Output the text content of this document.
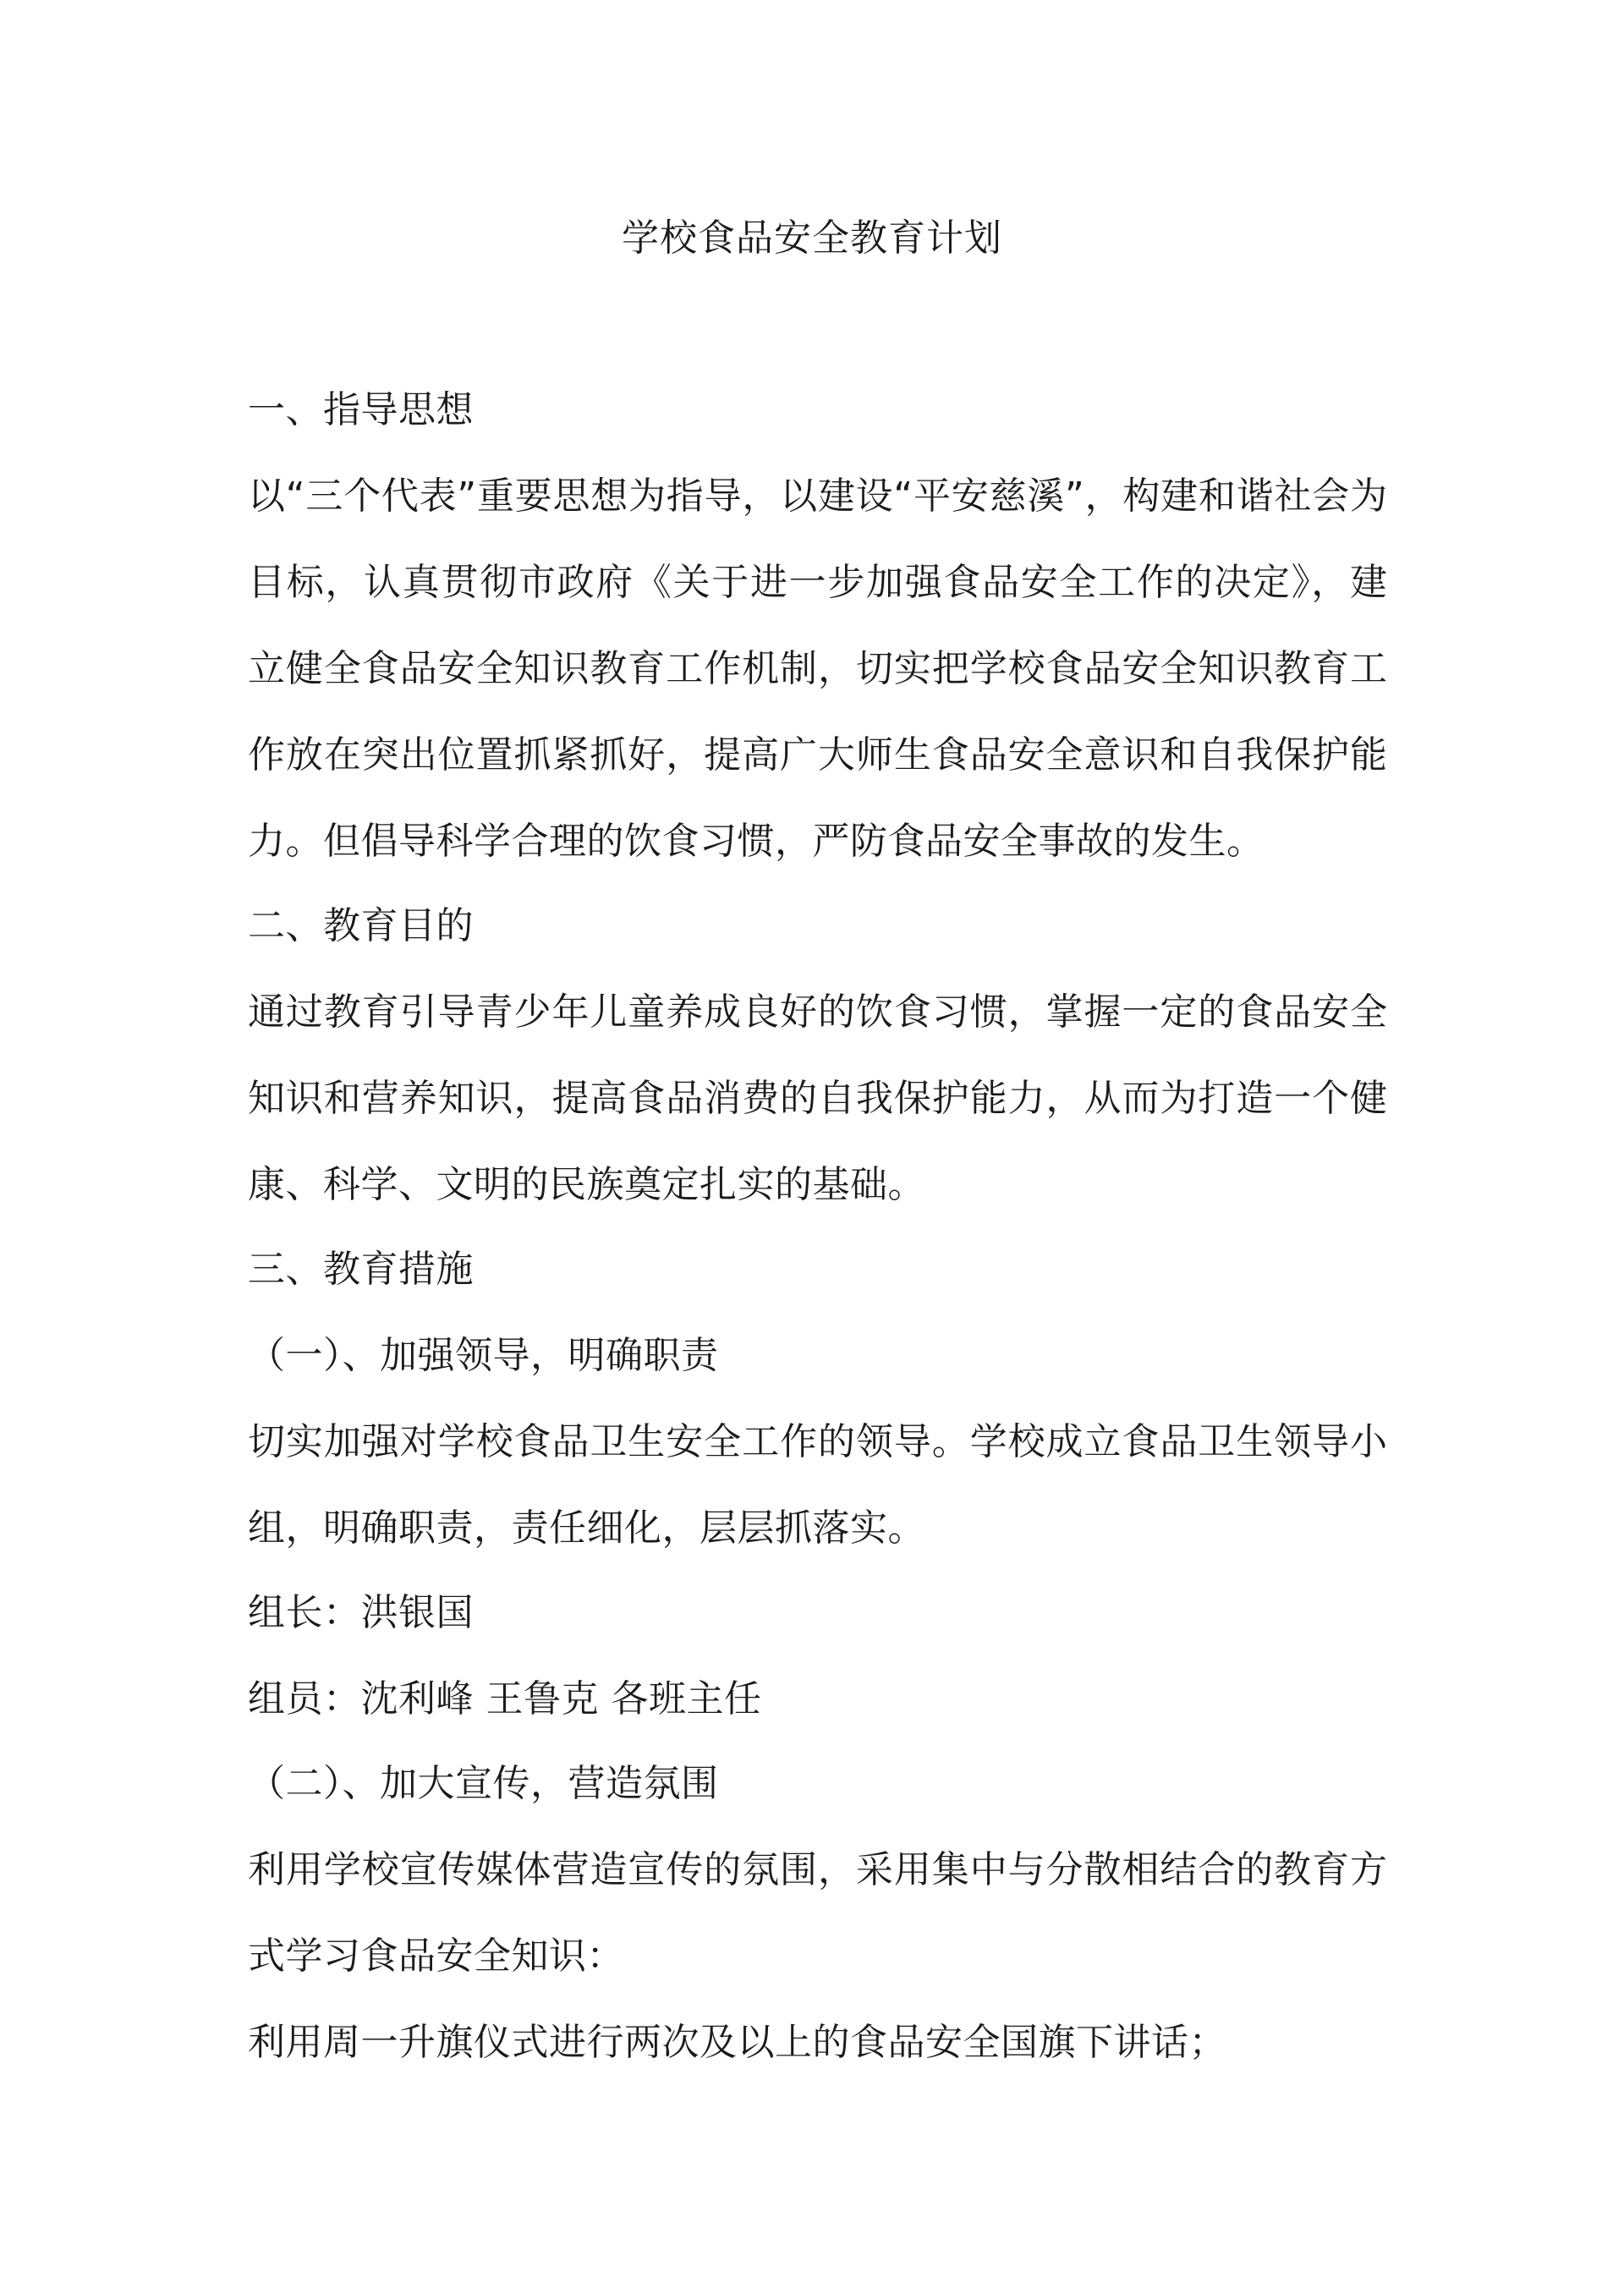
学校食品安全教育计划
一、指导思想
以“三个代表”重要思想为指导，以建设“平安慈溪”，构建和谐社会为
目标，认真贯彻市政府《关于进一步加强食品安全工作的决定》，建
立健全食品安全知识教育工作机制，切实把学校食品安全知识教育工
作放在突出位置抓紧抓好，提高广大师生食品安全意识和自我保护能
力。但倡导科学合理的饮食习惯，严防食品安全事故的发生。
二、教育目的
通过教育引导青少年儿童养成良好的饮食习惯，掌握一定的食品安全
知识和营养知识，提高食品消费的自我保护能力，从而为打造一个健
康、科学、文明的民族奠定扎实的基础。
三、教育措施
（一）、加强领导，明确职责
切实加强对学校食品卫生安全工作的领导。学校成立食品卫生领导小
组，明确职责，责任细化，层层抓落实。
组长：洪银国
组员：沈利峰 王鲁克 各班主任
（二）、加大宣传，营造氛围
利用学校宣传媒体营造宣传的氛围，采用集中与分散相结合的教育方
式学习食品安全知识：
利用周一升旗仪式进行两次及以上的食品安全国旗下讲话；
